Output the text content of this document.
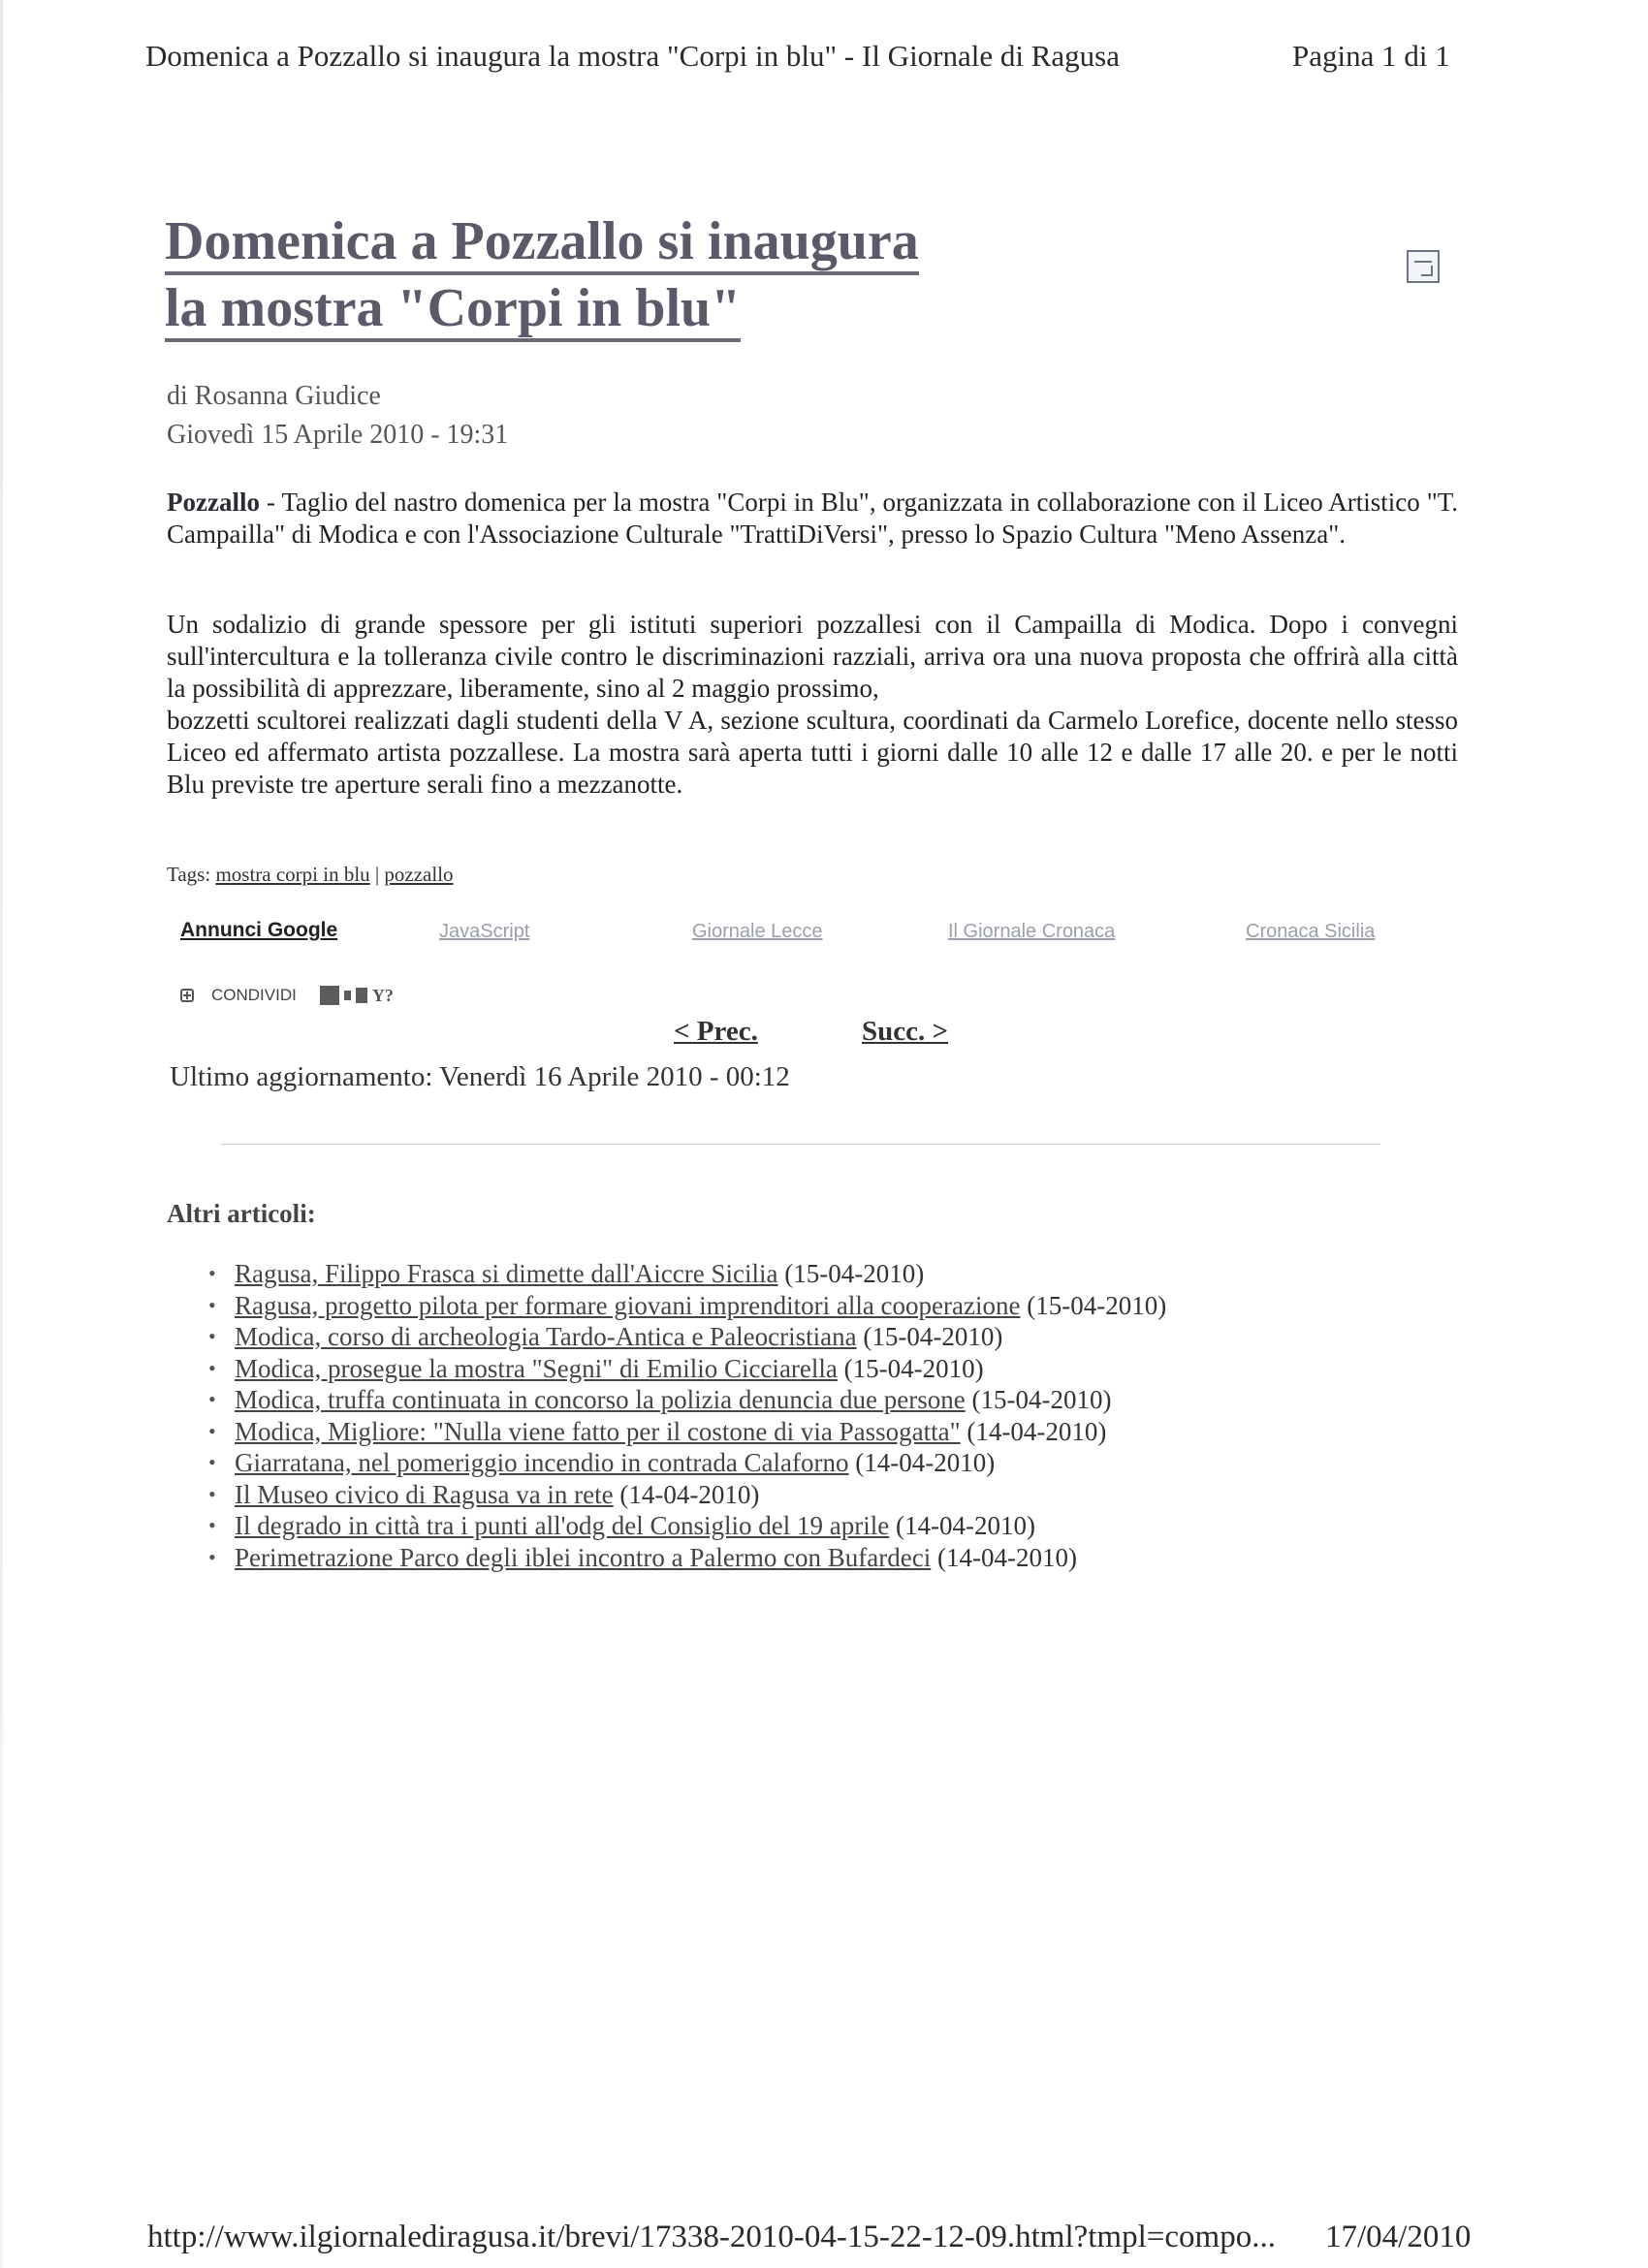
Domenica a Pozzallo si inaugura la mostra "Corpi in blu" - Il Giornale di Ragusa	Pagina 1 di 1
Domenica a Pozzallo si inaugura
la mostra "Corpi in blu"
di Rosanna Giudice
Giovedì 15 Aprile 2010 - 19:31

Pozzallo - Taglio del nastro domenica per la mostra "Corpi in Blu", organizzata in collaborazione con il Liceo Artistico "T. Campailla" di Modica e con l'Associazione Culturale "TrattiDiVersi", presso lo Spazio Cultura "Meno Assenza".

Un sodalizio di grande spessore per gli istituti superiori pozzallesi con il Campailla di Modica. Dopo i convegni sull'intercultura e la tolleranza civile contro le discriminazioni razziali, arriva ora una nuova proposta che offrirà alla città la possibilità di apprezzare, liberamente, sino al 2 maggio prossimo,
bozzetti scultorei realizzati dagli studenti della V A, sezione scultura, coordinati da Carmelo Lorefice, docente nello stesso Liceo ed affermato artista pozzallese. La mostra sarà aperta tutti i giorni dalle 10 alle 12 e dalle 17 alle 20. e per le notti Blu previste tre aperture serali fino a mezzanotte.

Tags: mostra corpi in blu | pozzallo
Annunci Google	JavaScript	Giornale Lecce	Il Giornale Cronaca	Cronaca Sicilia
CONDIVIDI	Y?
< Prec.	Succ. >
Ultimo aggiornamento: Venerdì 16 Aprile 2010 - 00:12
Altri articoli:
• Ragusa, Filippo Frasca si dimette dall'Aiccre Sicilia (15-04-2010)
• Ragusa, progetto pilota per formare giovani imprenditori alla cooperazione (15-04-2010)
• Modica, corso di archeologia Tardo-Antica e Paleocristiana (15-04-2010)
• Modica, prosegue la mostra "Segni" di Emilio Cicciarella (15-04-2010)
• Modica, truffa continuata in concorso la polizia denuncia due persone (15-04-2010)
• Modica, Migliore: "Nulla viene fatto per il costone di via Passogatta" (14-04-2010)
• Giarratana, nel pomeriggio incendio in contrada Calaforno (14-04-2010)
• Il Museo civico di Ragusa va in rete (14-04-2010)
• Il degrado in città tra i punti all'odg del Consiglio del 19 aprile (14-04-2010)
• Perimetrazione Parco degli iblei incontro a Palermo con Bufardeci (14-04-2010)
http://www.ilgiornalediragusa.it/brevi/17338-2010-04-15-22-12-09.html?tmpl=compo... 17/04/2010
